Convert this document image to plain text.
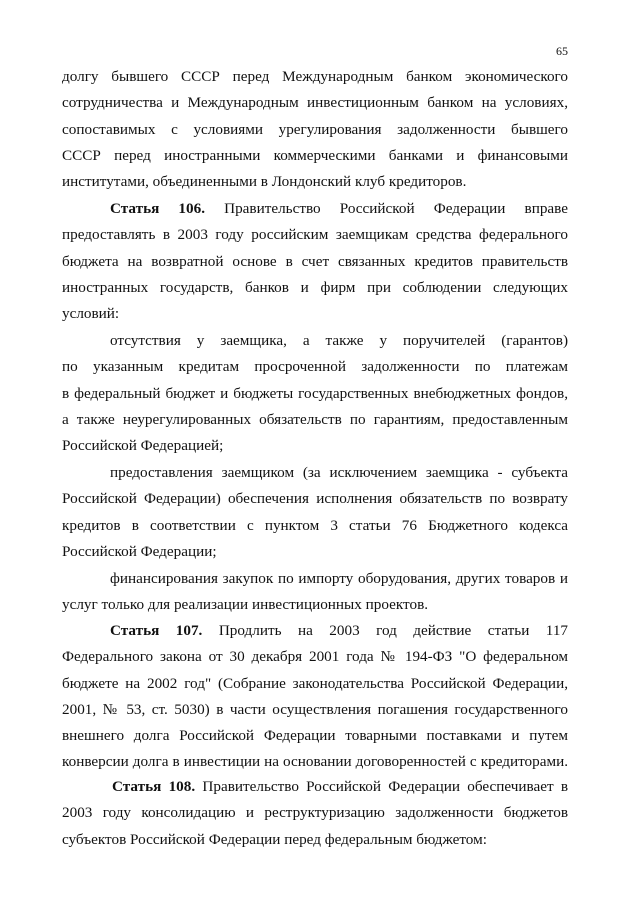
65
долгу бывшего СССР перед Международным банком экономического
сотрудничества и Международным инвестиционным банком на условиях,
сопоставимых с условиями урегулирования задолженности бывшего
СССР перед иностранными коммерческими банками и финансовыми
институтами, объединенными в Лондонский клуб кредиторов.
Статья 106. Правительство Российской Федерации вправе
предоставлять в 2003 году российским заемщикам средства федерального
бюджета на возвратной основе в счет связанных кредитов правительств
иностранных государств, банков и фирм при соблюдении следующих
условий:
отсутствия у заемщика, а также у поручителей (гарантов)
по указанным кредитам просроченной задолженности по платежам
в федеральный бюджет и бюджеты государственных внебюджетных фондов,
а также неурегулированных обязательств по гарантиям, предоставленным
Российской Федерацией;
предоставления заемщиком (за исключением заемщика - субъекта
Российской Федерации) обеспечения исполнения обязательств по возврату
кредитов в соответствии с пунктом 3 статьи 76 Бюджетного кодекса
Российской Федерации;
финансирования закупок по импорту оборудования, других товаров и
услуг только для реализации инвестиционных проектов.
Статья 107. Продлить на 2003 год действие статьи 117
Федерального закона от 30 декабря 2001 года № 194-ФЗ "О федеральном
бюджете на 2002 год" (Собрание законодательства Российской Федерации,
2001, № 53, ст. 5030) в части осуществления погашения государственного
внешнего долга Российской Федерации товарными поставками и путем
конверсии долга в инвестиции на основании договоренностей с кредиторами.
Статья 108. Правительство Российской Федерации обеспечивает в
2003 году консолидацию и реструктуризацию задолженности бюджетов
субъектов Российской Федерации перед федеральным бюджетом:
